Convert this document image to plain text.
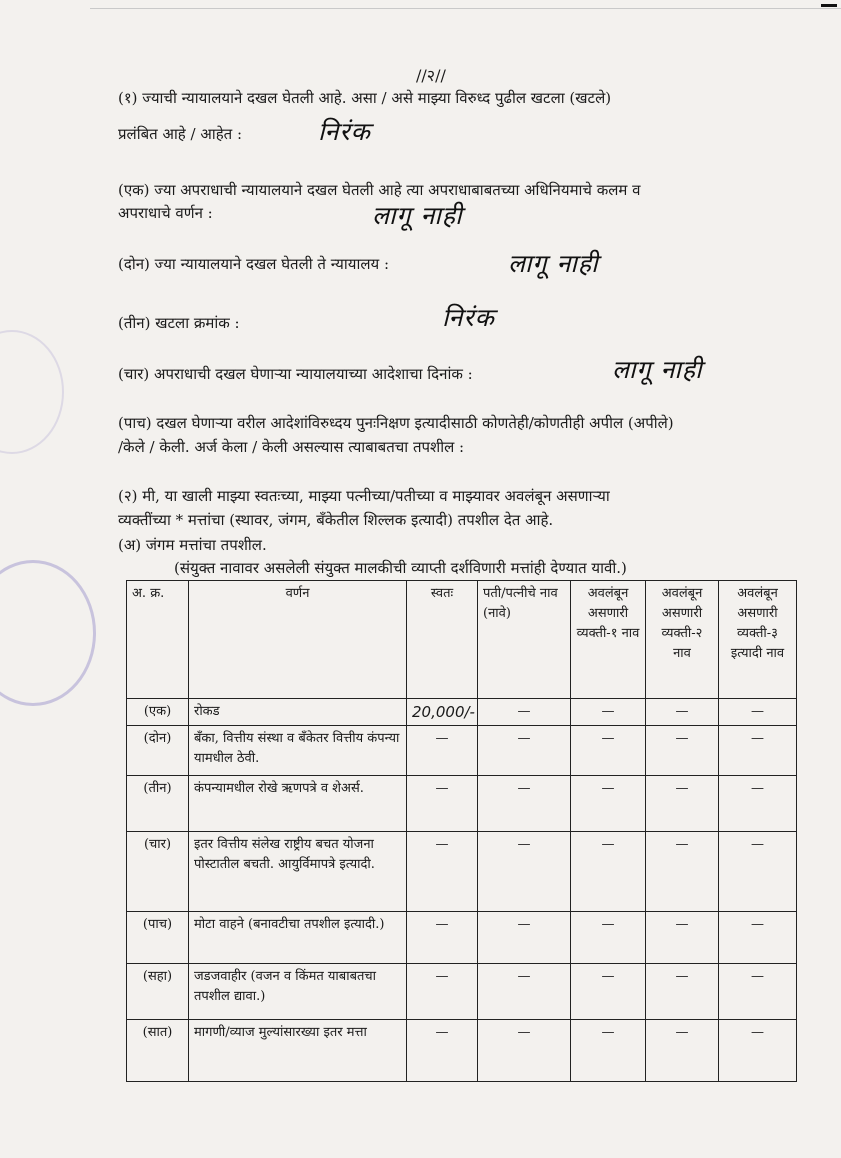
//२//
(१) ज्याची न्यायालयाने दखल घेतली आहे. असा / असे माझ्या विरुध्द पुढील खटला (खटले)
प्रलंबित आहे / आहेत :	निरंक
(एक) ज्या अपराधाची न्यायालयाने दखल घेतली आहे त्या अपराधाबाबतच्या अधिनियमाचे कलम व
अपराधाचे वर्णन :	लागू नाही
(दोन) ज्या न्यायालयाने दखल घेतली ते न्यायालय :	लागू नाही
(तीन) खटला क्रमांक :	निरंक
(चार) अपराधाची दखल घेणाऱ्या न्यायालयाच्या आदेशाचा दिनांक :	लागू नाही
(पाच) दखल घेणाऱ्या वरील आदेशांविरुध्दय पुनःनिक्षण इत्यादीसाठी कोणतेही/कोणतीही अपील (अपीले)
/केले / केली. अर्ज केला / केली असल्यास त्याबाबतचा तपशील :
(२) मी, या खाली माझ्या स्वतःच्या, माझ्या पत्नीच्या/पतीच्या व माझ्यावर अवलंबून असणाऱ्या
व्यक्तींच्या * मत्तांचा (स्थावर, जंगम, बँकेतील शिल्लक इत्यादी) तपशील देत आहे.
(अ) जंगम मत्तांचा तपशील.
(संयुक्त नावावर असलेली संयुक्त मालकीची व्याप्ती दर्शविणारी मत्तांही देण्यात यावी.)
अ. क्र.	वर्णन	स्वतः	पती/पत्नीचे नाव (नावे)	अवलंबून असणारी व्यक्ती-१ नाव	अवलंबून असणारी व्यक्ती-२ नाव	अवलंबून असणारी व्यक्ती-३ इत्यादी नाव
(एक)	रोकड	20,000/-	—	—	—	—
(दोन)	बँका, वित्तीय संस्था व बँकेतर वित्तीय कंपन्या यामधील ठेवी.	—	—	—	—	—
(तीन)	कंपन्यामधील रोखे ऋणपत्रे व शेअर्स.	—	—	—	—	—
(चार)	इतर वित्तीय संलेख राष्ट्रीय बचत योजना पोस्टातील बचती. आयुर्विमापत्रे इत्यादी.	—	—	—	—	—
(पाच)	मोटा वाहने (बनावटीचा तपशील इत्यादी.)	—	—	—	—	—
(सहा)	जडजवाहीर (वजन व किंमत याबाबतचा तपशील द्यावा.)	—	—	—	—	—
(सात)	मागणी/व्याज मुल्यांसारख्या इतर मत्ता	—	—	—	—	—
